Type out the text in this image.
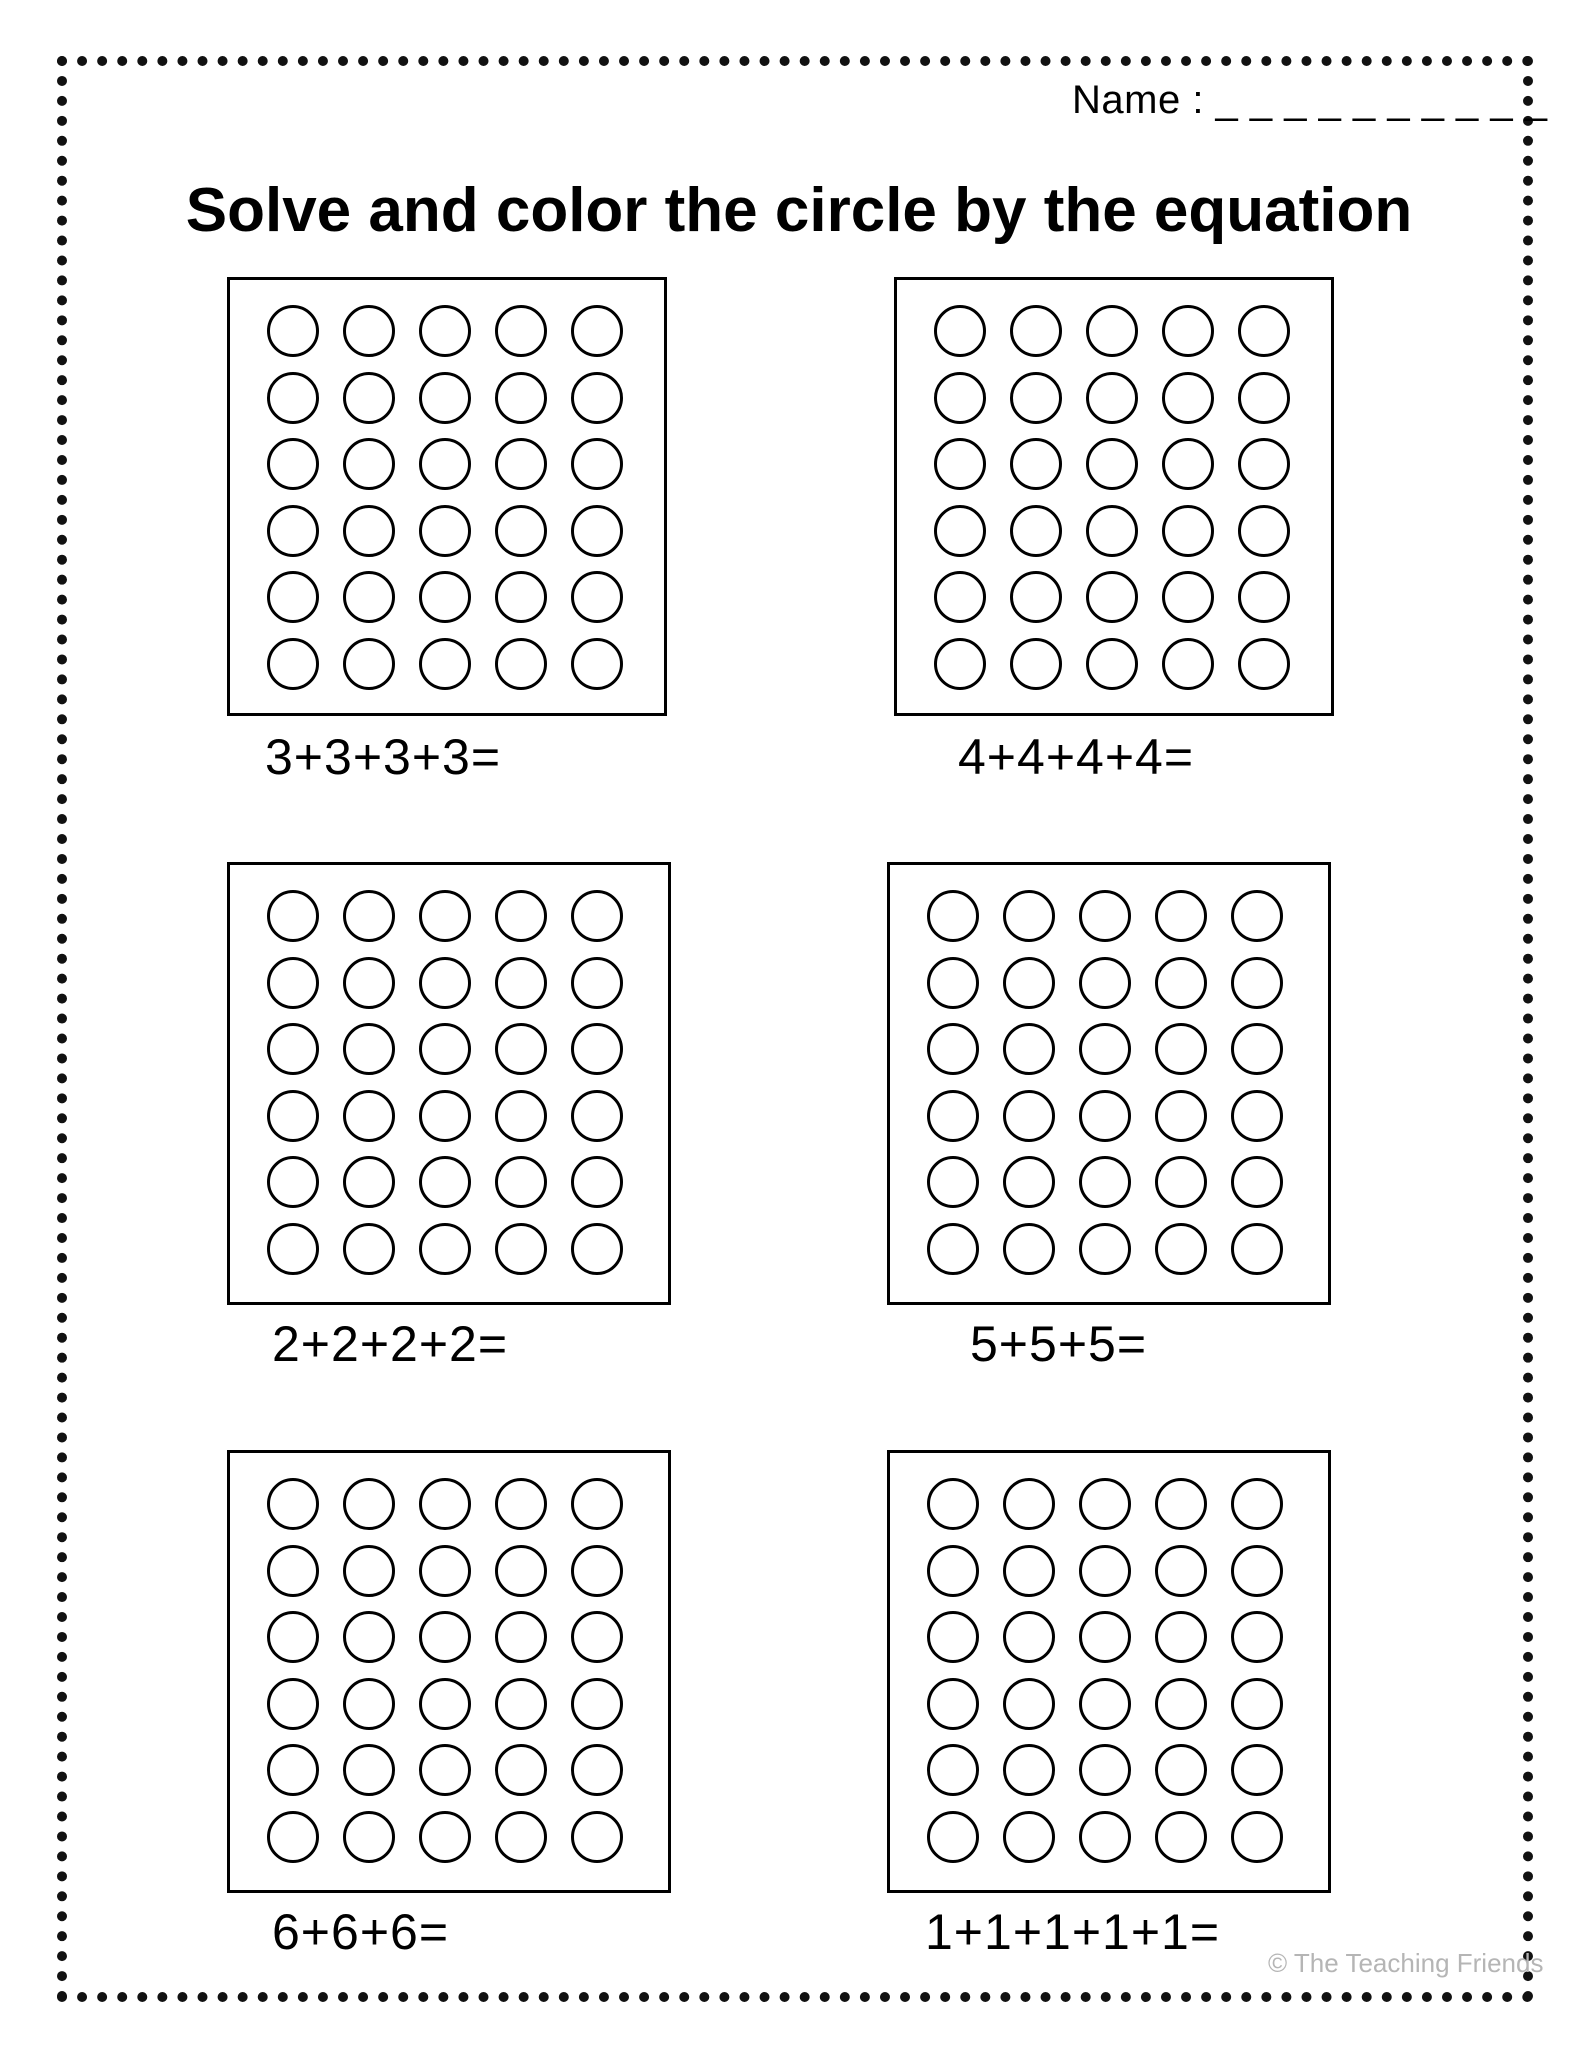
Name : _ _ _ _ _ _ _ _ _ _
Solve and color the circle by the equation
3+3+3+3=	4+4+4+4=
2+2+2+2=	5+5+5=
6+6+6=	1+1+1+1+1=
© The Teaching Friends
